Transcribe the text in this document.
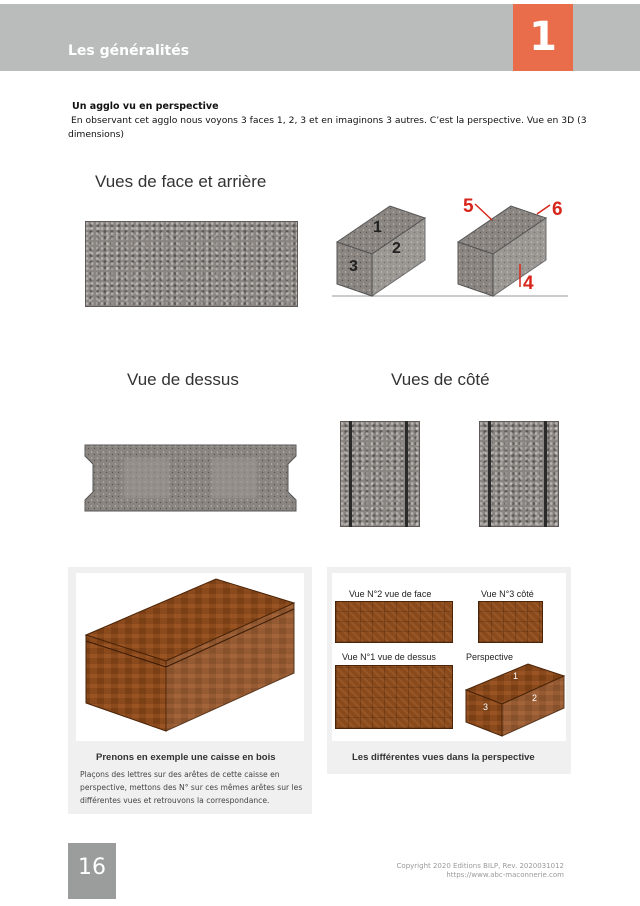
Les généralités	1
Un agglo vu en perspective
En observant cet agglo nous voyons 3 faces 1, 2, 3 et en imaginons 3 autres. C’est la perspective. Vue en 3D (3 dimensions)
Vues de face et arrière
1
2
3
5	6
4
Vue de dessus	Vues de côté
Prenons en exemple une caisse en bois
Plaçons des lettres sur des arêtes de cette caisse en perspective, mettons des N° sur ces mêmes arêtes sur les différentes vues et retrouvons la correspondance.
Vue N°2 vue de face	Vue N°3 côté
Vue N°1 vue de dessus	Perspective
1
2
3
Les différentes vues dans la perspective
16	Copyright 2020 Editions BILP, Rev. 2020031012
https://www.abc-maconnerie.com
